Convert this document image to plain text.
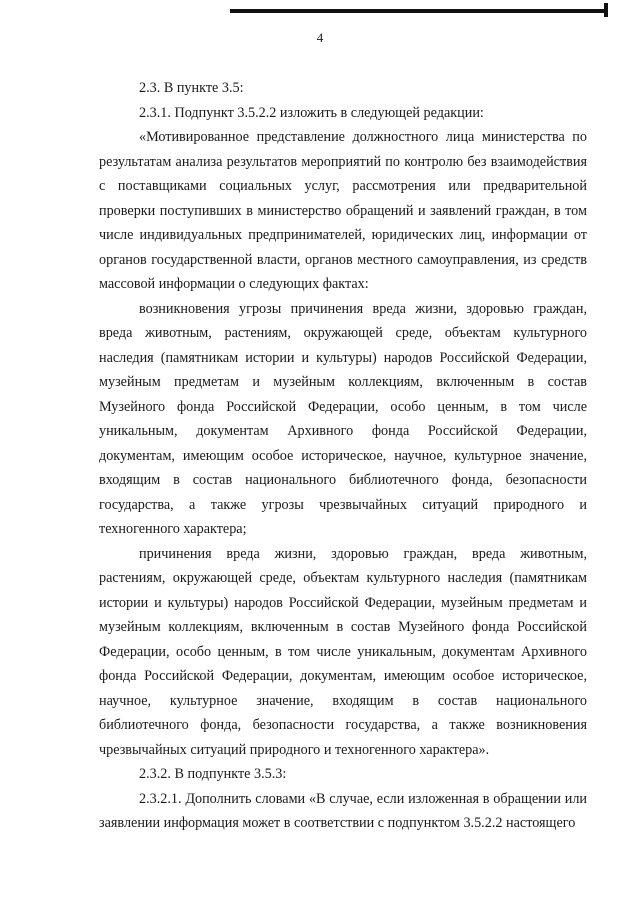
4

2.3. В пункте 3.5:

2.3.1. Подпункт 3.5.2.2 изложить в следующей редакции:

«Мотивированное представление должностного лица министерства по результатам анализа результатов мероприятий по контролю без взаимодействия с поставщиками социальных услуг, рассмотрения или предварительной проверки поступивших в министерство обращений и заявлений граждан, в том числе индивидуальных предпринимателей, юридических лиц, информации от органов государственной власти, органов местного самоуправления, из средств массовой информации о следующих фактах:

возникновения угрозы причинения вреда жизни, здоровью граждан, вреда животным, растениям, окружающей среде, объектам культурного наследия (памятникам истории и культуры) народов Российской Федерации, музейным предметам и музейным коллекциям, включенным в состав Музейного фонда Российской Федерации, особо ценным, в том числе уникальным, документам Архивного фонда Российской Федерации, документам, имеющим особое историческое, научное, культурное значение, входящим в состав национального библиотечного фонда, безопасности государства, а также угрозы чрезвычайных ситуаций природного и техногенного характера;

причинения вреда жизни, здоровью граждан, вреда животным, растениям, окружающей среде, объектам культурного наследия (памятникам истории и культуры) народов Российской Федерации, музейным предметам и музейным коллекциям, включенным в состав Музейного фонда Российской Федерации, особо ценным, в том числе уникальным, документам Архивного фонда Российской Федерации, документам, имеющим особое историческое, научное, культурное значение, входящим в состав национального библиотечного фонда, безопасности государства, а также возникновения чрезвычайных ситуаций природного и техногенного характера».

2.3.2. В подпункте 3.5.3:

2.3.2.1. Дополнить словами «В случае, если изложенная в обращении или заявлении информация может в соответствии с подпунктом 3.5.2.2 настоящего
